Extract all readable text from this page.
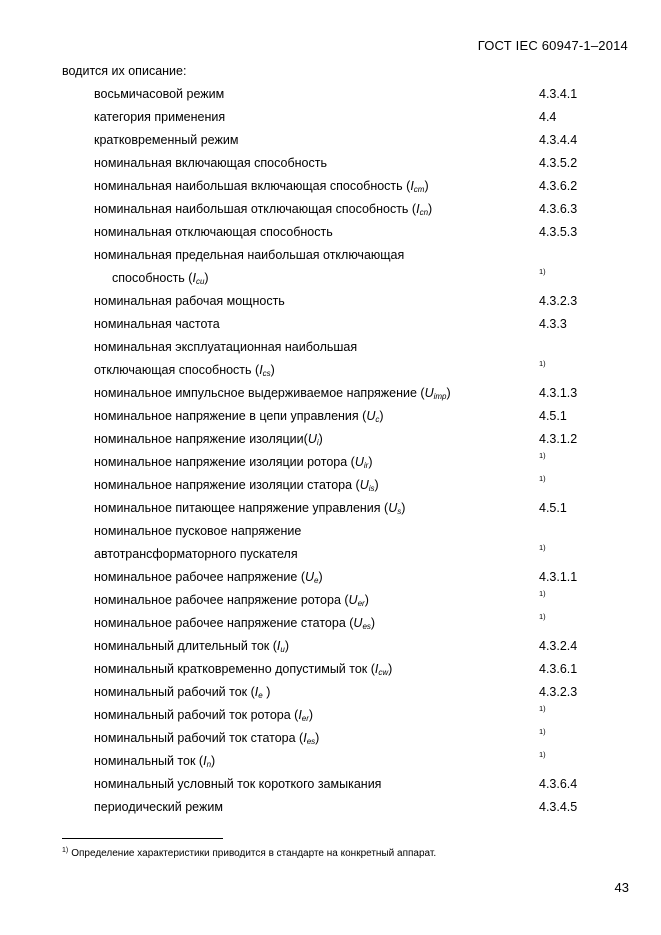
ГОСТ IEC 60947-1–2014
водится их описание:
восьмичасовой режим	4.3.4.1
категория применения	4.4
кратковременный режим	4.3.4.4
номинальная включающая способность	4.3.5.2
номинальная наибольшая включающая способность $(I_{cm})$	4.3.6.2
номинальная наибольшая отключающая способность $(I_{cn})$	4.3.6.3
номинальная отключающая способность	4.3.5.3
номинальная предельная наибольшая отключающая
способность $(I_{cu})$	1)
номинальная рабочая мощность	4.3.2.3
номинальная частота	4.3.3
номинальная эксплуатационная наибольшая
отключающая способность $(I_{cs})$	1)
номинальное импульсное выдерживаемое напряжение $(U_{imp})$	4.3.1.3
номинальное напряжение в цепи управления $(U_c)$	4.5.1
номинальное напряжение $изоляции(U_i)$	4.3.1.2
номинальное напряжение изоляции ротора $(U_{ir})$	1)
номинальное напряжение изоляции статора $(U_{is})$	1)
номинальное питающее напряжение управления $(U_s)$	4.5.1
номинальное пусковое напряжение
автотрансформаторного пускателя	1)
номинальное рабочее напряжение $(U_e)$	4.3.1.1
номинальное рабочее напряжение ротора $(U_{er})$	1)
номинальное рабочее напряжение статора $(U_{es})$	1)
номинальный длительный ток $(I_u)$	4.3.2.4
номинальный кратковременно допустимый ток $(I_{cw})$	4.3.6.1
номинальный рабочий ток ($I_e$ )	4.3.2.3
номинальный рабочий ток ротора $(I_{er})$	1)
номинальный рабочий ток статора $(I_{es})$	1)
номинальный ток $(I_n)$	1)
номинальный условный ток короткого замыкания	4.3.6.4
периодический режим	4.3.4.5
$^{1)}$ Определение характеристики приводится в стандарте на конкретный аппарат.
43
